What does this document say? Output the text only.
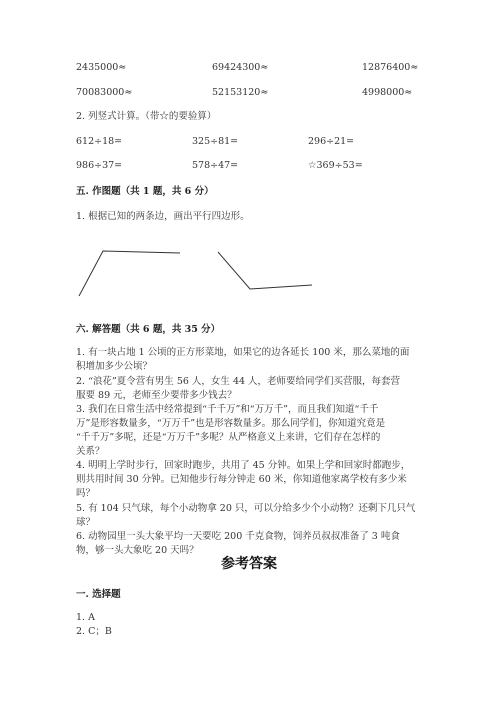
2435000≈	69424300≈	12876400≈
70083000≈	52153120≈	4998000≈
2. 列竖式计算。（带☆的要验算）
612÷18=	325÷81=	296÷21=
986÷37=	578÷47=	☆369÷53=
五. 作图题（共 1 题，共 6 分）
1. 根据已知的两条边，画出平行四边形。
六. 解答题（共 6 题，共 35 分）
1. 有一块占地 1 公顷的正方形菜地，如果它的边各延长 100 米，那么菜地的面
积增加多少公顷？
2. “浪花”夏令营有男生 56 人，女生 44 人，老师要给同学们买营服，每套营
服要 89 元，老师至少要带多少钱去？
3. 我们在日常生活中经常提到“千千万”和“万万千”，而且我们知道“千千
万”是形容数量多，“万万千”也是形容数量多。那么同学们，你知道究竟是
“千千万”多呢，还是“万万千”多呢？从严格意义上来讲，它们存在怎样的
关系？
4. 明明上学时步行，回家时跑步，共用了 45 分钟。如果上学和回家时都跑步，
则共用时间 30 分钟。已知他步行每分钟走 60 米，你知道他家离学校有多少米
吗？
5. 有 104 只气球，每个小动物拿 20 只，可以分给多少个小动物？还剩下几只气
球？
6. 动物园里一头大象平均一天要吃 200 千克食物，饲养员叔叔准备了 3 吨食
物，够一头大象吃 20 天吗？
参考答案
一. 选择题
1. A
2. C；B
